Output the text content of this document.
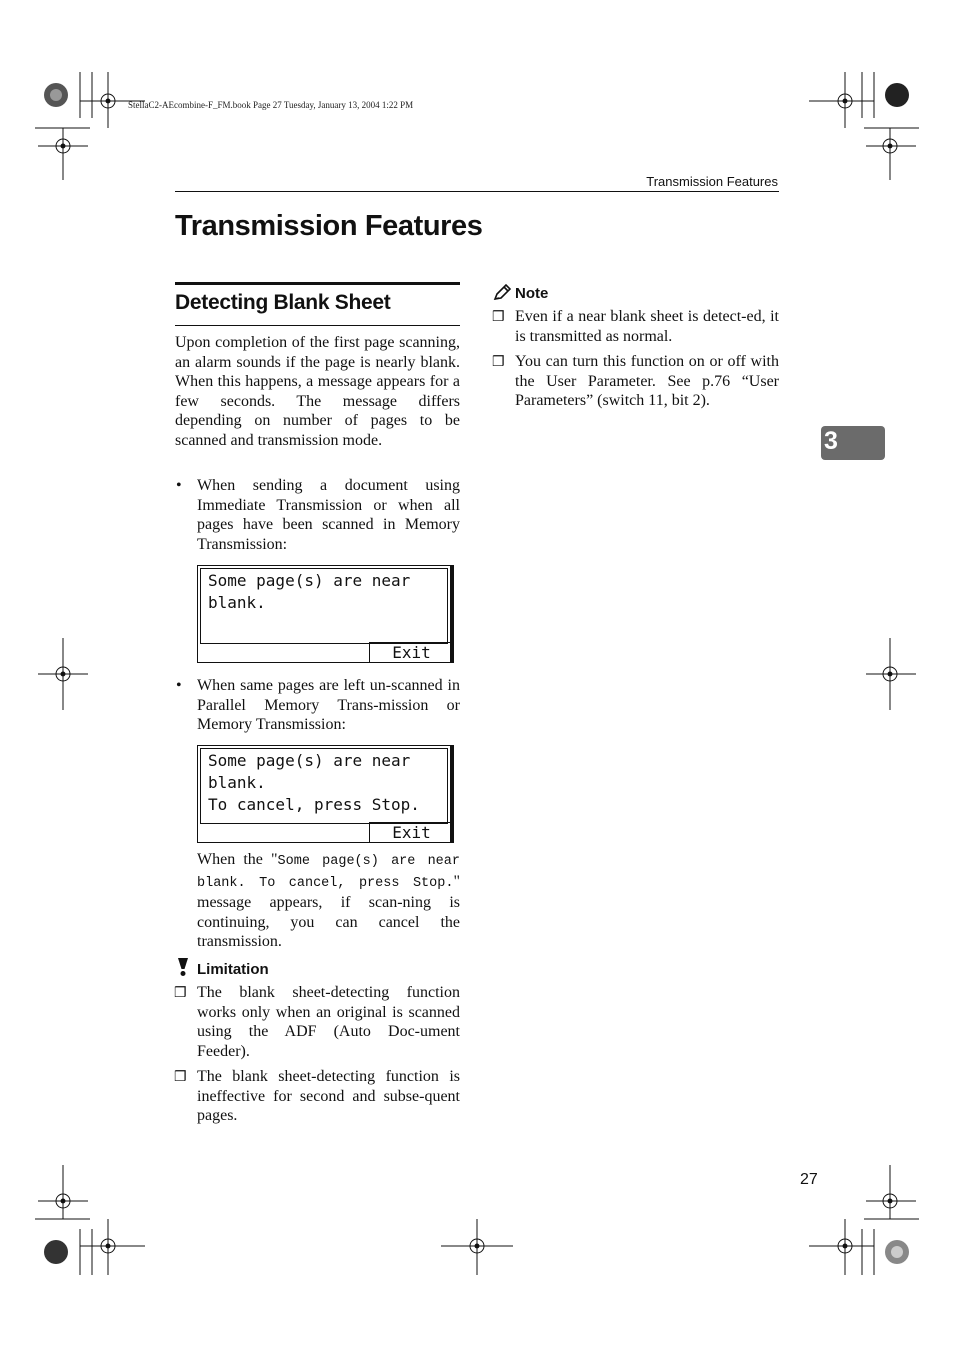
StellaC2-AEcombine-F_FM.book Page 27 Tuesday, January 13, 2004 1:22 PM
Transmission Features
Transmission Features
Detecting Blank Sheet
Upon completion of the first page scanning, an alarm sounds if the page is nearly blank. When this happens, a message appears for a few seconds. The message differs depending on number of pages to be scanned and transmission mode.
• When sending a document using Immediate Transmission or when all pages have been scanned in Memory Transmission:
Some page(s) are near
blank.
Exit
• When same pages are left un-scanned in Parallel Memory Trans-mission or Memory Transmission:
Some page(s) are near
blank.
To cancel, press Stop.
Exit
When the "Some page(s) are near blank. To cancel, press Stop." message appears, if scan-ning is continuing, you can cancel the transmission.
Limitation
❒ The blank sheet-detecting function works only when an original is scanned using the ADF (Auto Doc-ument Feeder).
❒ The blank sheet-detecting function is ineffective for second and subse-quent pages.
Note
❒ Even if a near blank sheet is detect-ed, it is transmitted as normal.
❒ You can turn this function on or off with the User Parameter. See p.76 “User Parameters” (switch 11, bit 2).
3
27
